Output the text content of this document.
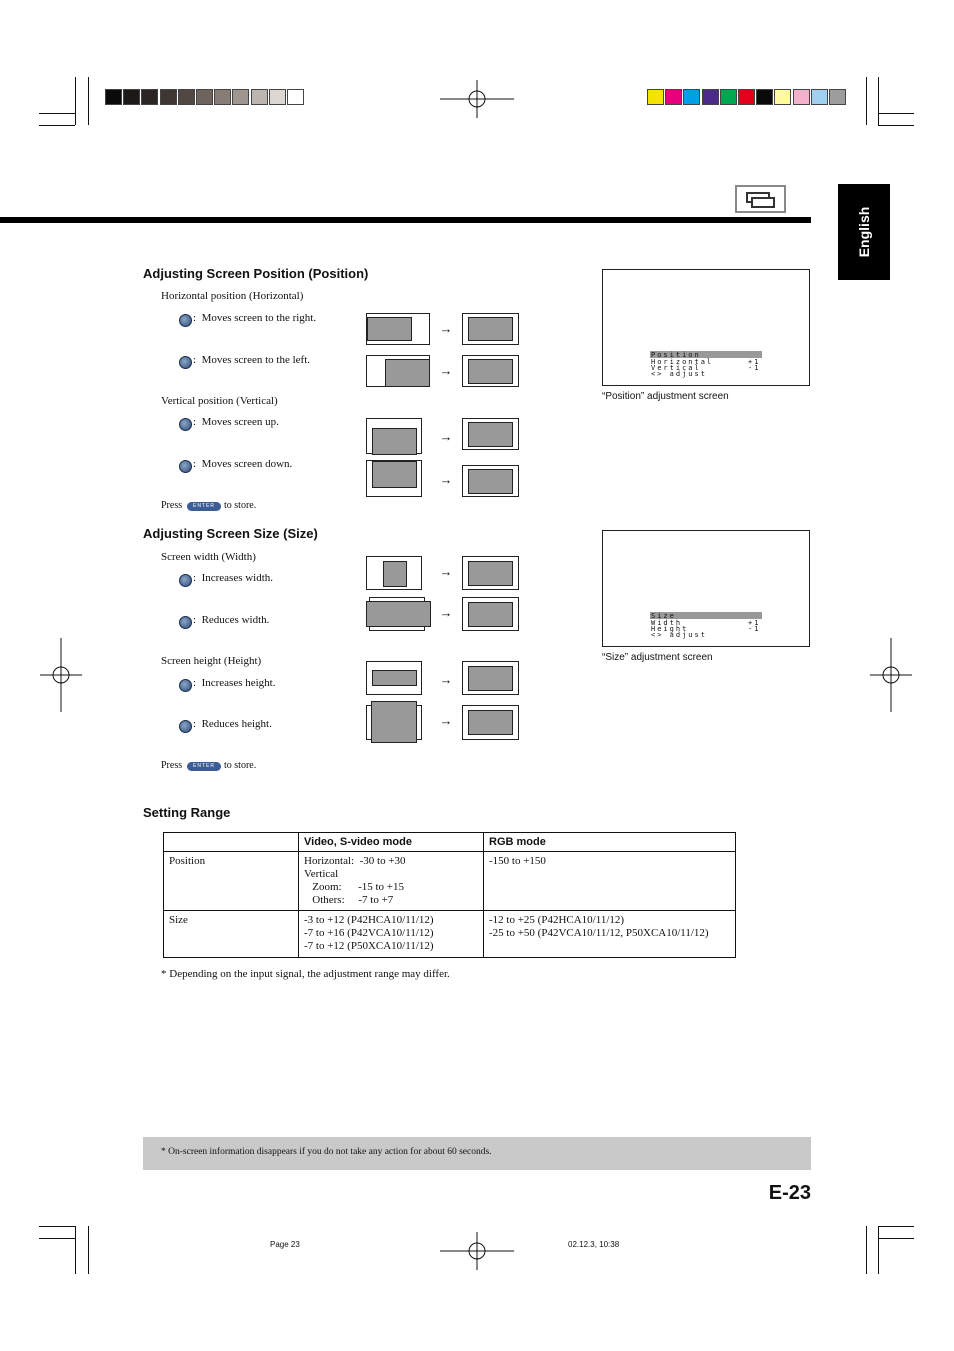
English
Adjusting Screen Position (Position)
Horizontal position (Horizontal)
:  Moves screen to the right.
→
:  Moves screen to the left.
→
Vertical position (Vertical)
:  Moves screen up.
→
:  Moves screen down.
→
Press	ENTER to store.
Position
Horizontal	+1
Vertical	-1
<> adjust
“Position” adjustment screen
Adjusting Screen Size (Size)
Screen width (Width)
:  Increases width.	→
:  Reduces width.	→
Screen height (Height)
:  Increases height.	→
:  Reduces height.	→
Press	ENTER to store.
Size
Width	+1
Height	-1
<> adjust
“Size” adjustment screen
Setting Range
	Video, S-video mode	RGB mode
Position	Horizontal:  -30 to +30
Vertical
Zoom:      -15 to +15
Others:     -7 to +7	-150 to +150

Size	-3 to +12 (P42HCA10/11/12)
-7 to +16 (P42VCA10/11/12)
-7 to +12 (P50XCA10/11/12)	-12 to +25 (P42HCA10/11/12)
-25 to +50 (P42VCA10/11/12, P50XCA10/11/12)
* Depending on the input signal, the adjustment range may differ.
* On-screen information disappears if you do not take any action for about 60 seconds.
E-23
Page 23	02.12.3, 10:38
